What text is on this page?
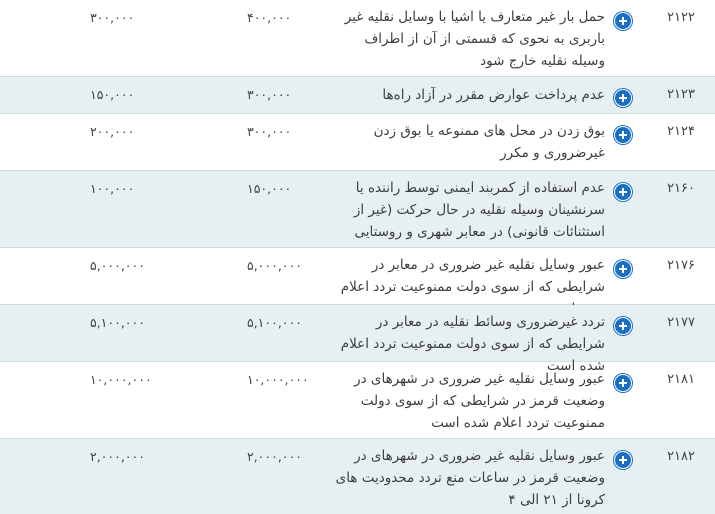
۲۱۲۲
حمل بار غیر متعارف یا اشیا با وسایل نقلیه غیر باربری به نحوی که قسمتی از آن از اطراف وسیله نقلیه خارج شود
۴۰۰,۰۰۰
۳۰۰,۰۰۰
۲۱۲۳
عدم پرداخت عوارض مقرر در آزاد راه‌ها
۳۰۰,۰۰۰
۱۵۰,۰۰۰
۲۱۲۴
بوق زدن در محل های ممنوعه یا بوق زدن غیرضروری و مکرر
۳۰۰,۰۰۰
۲۰۰,۰۰۰
۲۱۶۰
عدم استفاده از کمربند ایمنی توسط راننده یا سرنشینان وسیله نقلیه در حال حرکت (غیر از استثنائات قانونی) در معابر شهری و روستایی
۱۵۰,۰۰۰
۱۰۰,۰۰۰
۲۱۷۶
عبور وسایل نقلیه غیر ضروری در معابر در شرایطی که از سوی دولت ممنوعیت تردد اعلام
۵,۰۰۰,۰۰۰
۵,۰۰۰,۰۰۰
۲۱۷۷
تردد غیرضروری وسائط نقلیه در معابر در شرایطی که از سوی دولت ممنوعیت تردد اعلام شده است
۵,۱۰۰,۰۰۰
۵,۱۰۰,۰۰۰
۲۱۸۱
عبور وسایل نقلیه غیر ضروری در شهرهای در وضعیت قرمز در شرایطی که از سوی دولت ممنوعیت تردد اعلام شده است
۱۰,۰۰۰,۰۰۰
۱۰,۰۰۰,۰۰۰
۲۱۸۲
عبور وسایل نقلیه غیر ضروری در شهرهای در وضعیت قرمز در ساعات منع تردد محدودیت های کرونا از ۲۱ الی ۴
۲,۰۰۰,۰۰۰
۲,۰۰۰,۰۰۰
